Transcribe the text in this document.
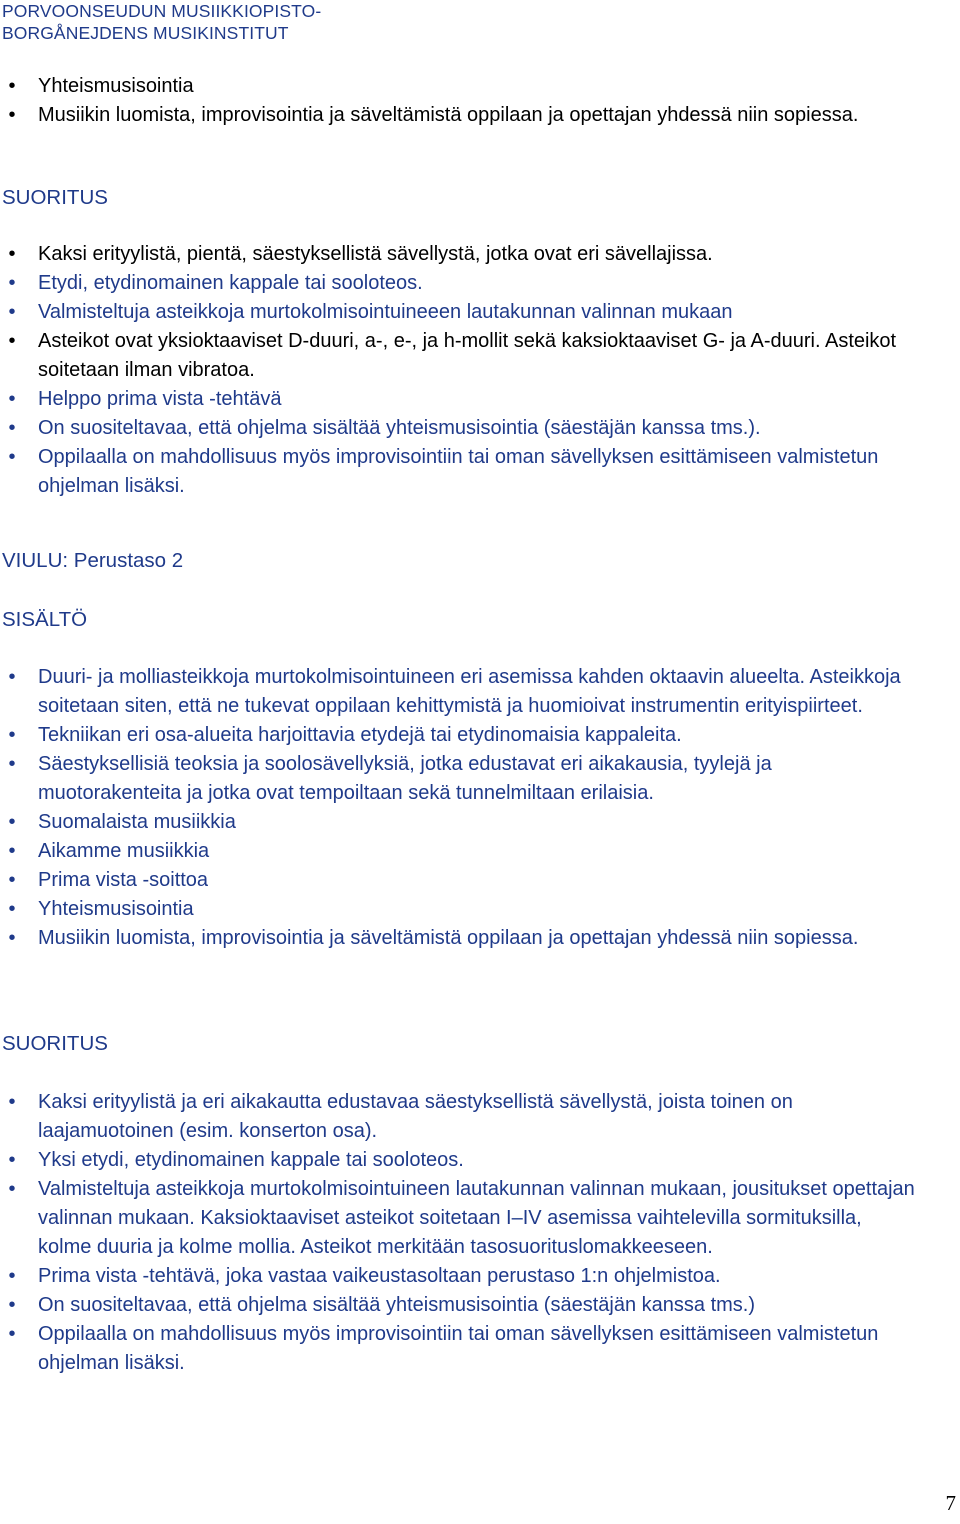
PORVOONSEUDUN MUSIIKKIOPISTO-
BORGÅNEJDENS MUSIKINSTITUT
• Yhteismusisointia
• Musiikin luomista, improvisointia ja säveltämistä oppilaan ja opettajan yhdessä niin sopiessa.
SUORITUS
• Kaksi erityylistä, pientä, säestyksellistä sävellystä, jotka ovat eri sävellajissa.
• Etydi, etydinomainen kappale tai sooloteos.
• Valmisteltuja asteikkoja murtokolmisointuineeen lautakunnan valinnan mukaan
• Asteikot ovat yksioktaaviset D-duuri, a-, e-, ja h-mollit sekä kaksioktaaviset G- ja A-duuri. Asteikot soitetaan ilman vibratoa.
• Helppo prima vista -tehtävä
• On suositeltavaa, että ohjelma sisältää yhteismusisointia (säestäjän kanssa tms.).
• Oppilaalla on mahdollisuus myös improvisointiin tai oman sävellyksen esittämiseen valmistetun ohjelman lisäksi.
VIULU: Perustaso 2
SISÄLTÖ
• Duuri- ja molliasteikkoja murtokolmisointuineen eri asemissa kahden oktaavin alueelta. Asteikkoja soitetaan siten, että ne tukevat oppilaan kehittymistä ja huomioivat instrumentin erityispiirteet.
• Tekniikan eri osa-alueita harjoittavia etydejä tai etydinomaisia kappaleita.
• Säestyksellisiä teoksia ja soolosävellyksiä, jotka edustavat eri aikakausia, tyylejä ja muotorakenteita ja jotka ovat tempoiltaan sekä tunnelmiltaan erilaisia.
• Suomalaista musiikkia
• Aikamme musiikkia
• Prima vista -soittoa
• Yhteismusisointia
• Musiikin luomista, improvisointia ja säveltämistä oppilaan ja opettajan yhdessä niin sopiessa.
SUORITUS
• Kaksi erityylistä ja eri aikakautta edustavaa säestyksellistä sävellystä, joista toinen on laajamuotoinen (esim. konserton osa).
• Yksi etydi, etydinomainen kappale tai sooloteos.
• Valmisteltuja asteikkoja murtokolmisointuineen lautakunnan valinnan mukaan, jousitukset opettajan valinnan mukaan. Kaksioktaaviset asteikot soitetaan I–IV asemissa vaihtelevilla sormituksilla, kolme duuria ja kolme mollia. Asteikot merkitään tasosuorituslomakkeeseen.
• Prima vista -tehtävä, joka vastaa vaikeustasoltaan perustaso 1:n ohjelmistoa.
• On suositeltavaa, että ohjelma sisältää yhteismusisointia (säestäjän kanssa tms.)
• Oppilaalla on mahdollisuus myös improvisointiin tai oman sävellyksen esittämiseen valmistetun ohjelman lisäksi.
7
